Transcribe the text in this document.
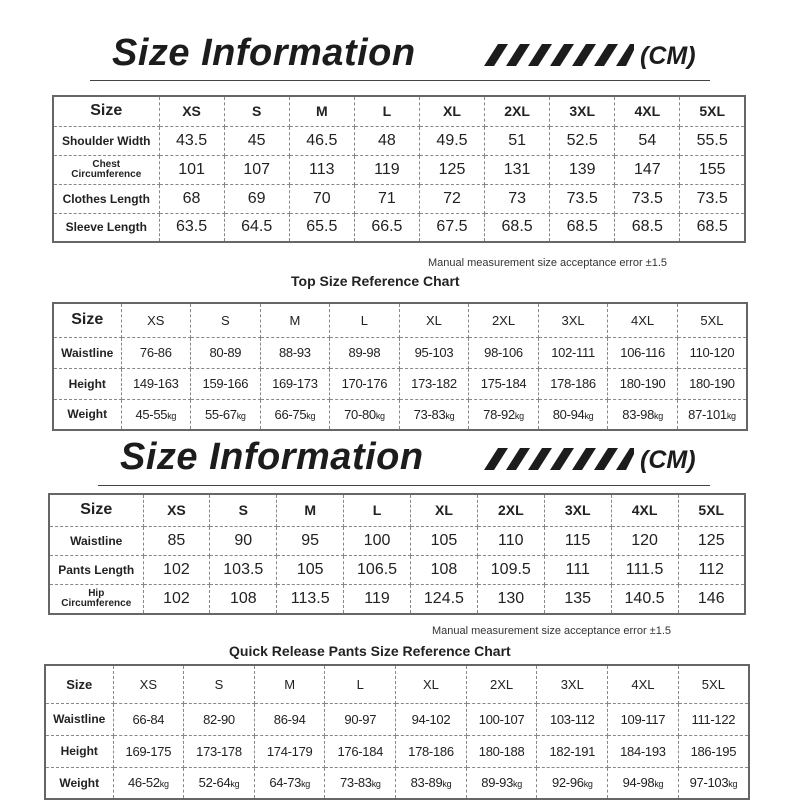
Size Information	(CM)
Size	XS	S	M	L	XL	2XL	3XL	4XL	5XL
Shoulder Width	43.5	45	46.5	48	49.5	51	52.5	54	55.5
Chest Circumference	101	107	113	119	125	131	139	147	155
Clothes Length	68	69	70	71	72	73	73.5	73.5	73.5
Sleeve Length	63.5	64.5	65.5	66.5	67.5	68.5	68.5	68.5	68.5
Manual measurement size acceptance error ±1.5
Top Size Reference Chart
Size	XS	S	M	L	XL	2XL	3XL	4XL	5XL
Waistline	76-86	80-89	88-93	89-98	95-103	98-106	102-111	106-116	110-120
Height	149-163	159-166	169-173	170-176	173-182	175-184	178-186	180-190	180-190
Weight	45-55kg	55-67kg	66-75kg	70-80kg	73-83kg	78-92kg	80-94kg	83-98kg	87-101kg
Size Information	(CM)
Size	XS	S	M	L	XL	2XL	3XL	4XL	5XL
Waistline	85	90	95	100	105	110	115	120	125
Pants Length	102	103.5	105	106.5	108	109.5	111	111.5	112
Hip Circumference	102	108	113.5	119	124.5	130	135	140.5	146
Manual measurement size acceptance error ±1.5
Quick Release Pants Size Reference Chart
Size	XS	S	M	L	XL	2XL	3XL	4XL	5XL
Waistline	66-84	82-90	86-94	90-97	94-102	100-107	103-112	109-117	111-122
Height	169-175	173-178	174-179	176-184	178-186	180-188	182-191	184-193	186-195
Weight	46-52kg	52-64kg	64-73kg	73-83kg	83-89kg	89-93kg	92-96kg	94-98kg	97-103kg
